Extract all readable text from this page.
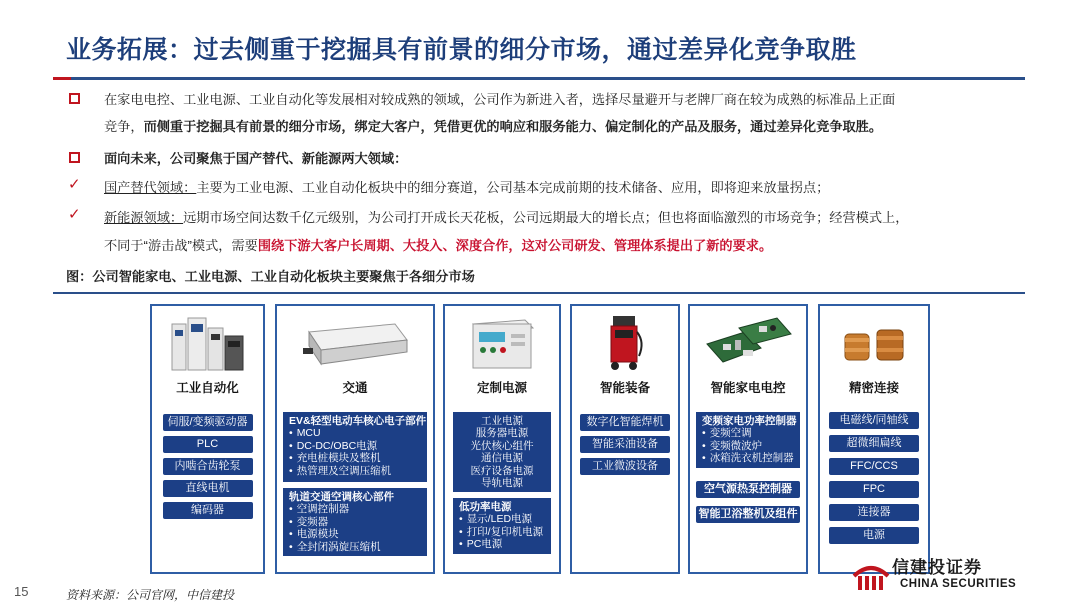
业务拓展：过去侧重于挖掘具有前景的细分市场，通过差异化竞争取胜
在家电电控、工业电源、工业自动化等发展相对较成熟的领域，公司作为新进入者，选择尽量避开与老牌厂商在较为成熟的标准品上正面
竞争，而侧重于挖掘具有前景的细分市场，绑定大客户，凭借更优的响应和服务能力、偏定制化的产品及服务，通过差异化竞争取胜。
面向未来，公司聚焦于国产替代、新能源两大领域：
✓ 国产替代领域：主要为工业电源、工业自动化板块中的细分赛道，公司基本完成前期的技术储备、应用，即将迎来放量拐点；
✓ 新能源领域：远期市场空间达数千亿元级别，为公司打开成长天花板，公司远期最大的增长点；但也将面临激烈的市场竞争；经营模式上，
不同于“游击战”模式，需要围绕下游大客户长周期、大投入、深度合作，这对公司研发、管理体系提出了新的要求。
图：公司智能家电、工业电源、工业自动化板块主要聚焦于各细分市场
工业自动化
伺服/变频驱动器
PLC
内啮合齿轮泵
直线电机
编码器
交通
EV&轻型电动车核心电子部件
• MCU
• DC-DC/OBC电源
• 充电桩模块及整机
• 热管理及空调压缩机
轨道交通空调核心部件
• 空调控制器
• 变频器
• 电源模块
• 全封闭涡旋压缩机
定制电源
工业电源
服务器电源
光伏核心组件
通信电源
医疗设备电源
导轨电源
低功率电源
• 显示/LED电源
• 打印/复印机电源
• PC电源
智能装备
数字化智能焊机
智能采油设备
工业微波设备
智能家电电控
变频家电功率控制器
• 变频空调
• 变频微波炉
• 冰箱洗衣机控制器
空气源热泵控制器
智能卫浴整机及组件
精密连接
电磁线/同轴线
超微细扁线
FFC/CCS
FPC
连接器
电源
15	资料来源：公司官网，中信建投
信建投证券
CHINA SECURITIES
